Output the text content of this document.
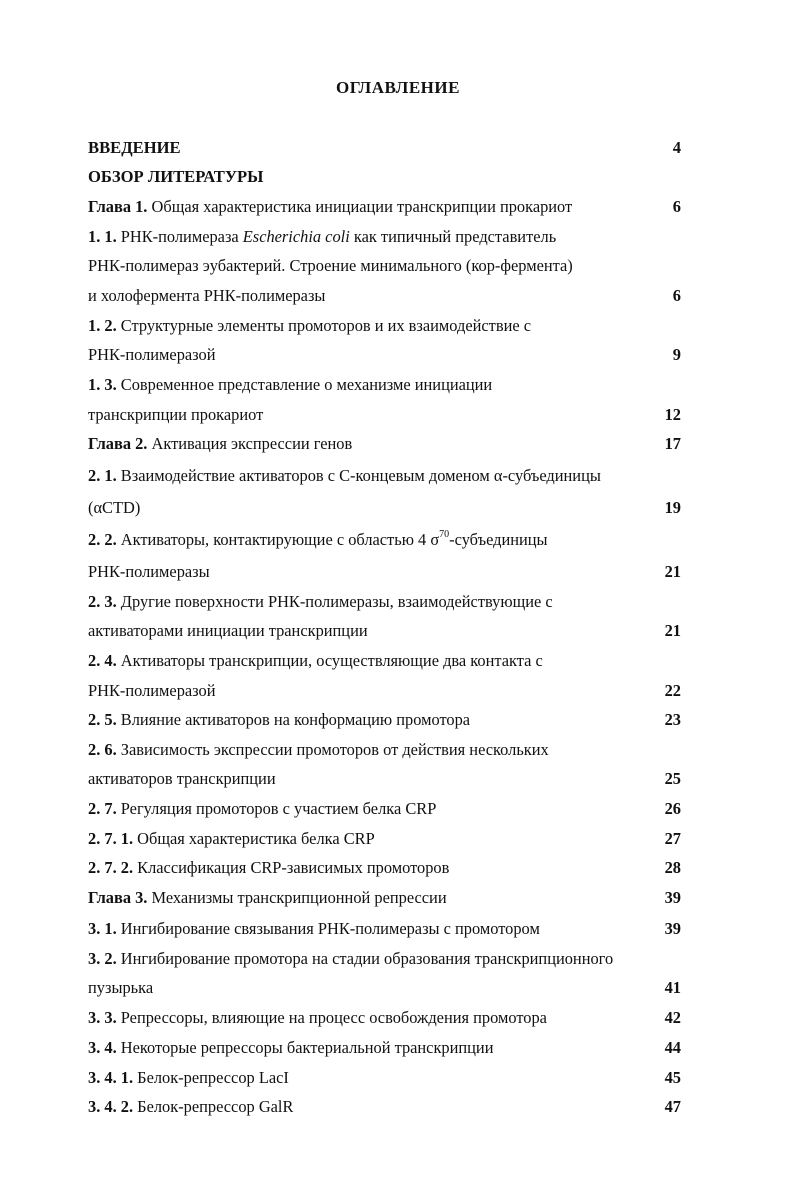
ОГЛАВЛЕНИЕ
ВВЕДЕНИЕ	4
ОБЗОР ЛИТЕРАТУРЫ
Глава 1. Общая характеристика инициации транскрипции прокариот	6
1. 1. РНК-полимераза Escherichia coli как типичный представитель
РНК-полимераз эубактерий. Строение минимального (кор-фермента)
и холофермента РНК-полимеразы	6
1. 2. Структурные элементы промоторов и их взаимодействие с
РНК-полимеразой	9
1. 3. Современное представление о механизме инициации
транскрипции прокариот	12
Глава 2. Активация экспрессии генов	17
2. 1. Взаимодействие активаторов с С-концевым доменом α-субъединицы
(αCTD)	19
2. 2. Активаторы, контактирующие с областью 4 $\sigma^{70}$-субъединицы
РНК-полимеразы	21
2. 3. Другие поверхности РНК-полимеразы, взаимодействующие с
активаторами инициации транскрипции	21
2. 4. Активаторы транскрипции, осуществляющие два контакта с
РНК-полимеразой	22
2. 5. Влияние активаторов на конформацию промотора	23
2. 6. Зависимость экспрессии промоторов от действия нескольких
активаторов транскрипции	25
2. 7. Регуляция промоторов с участием белка CRP	26
2. 7. 1. Общая характеристика белка CRP	27
2. 7. 2. Классификация CRP-зависимых промоторов	28
Глава 3. Механизмы транскрипционной репрессии	39
3. 1. Ингибирование связывания РНК-полимеразы с промотором	39
3. 2. Ингибирование промотора на стадии образования транскрипционного
пузырька	41
3. 3. Репрессоры, влияющие на процесс освобождения промотора	42
3. 4. Некоторые репрессоры бактериальной транскрипции	44
3. 4. 1. Белок-репрессор LacI	45
3. 4. 2. Белок-репрессор GalR	47
